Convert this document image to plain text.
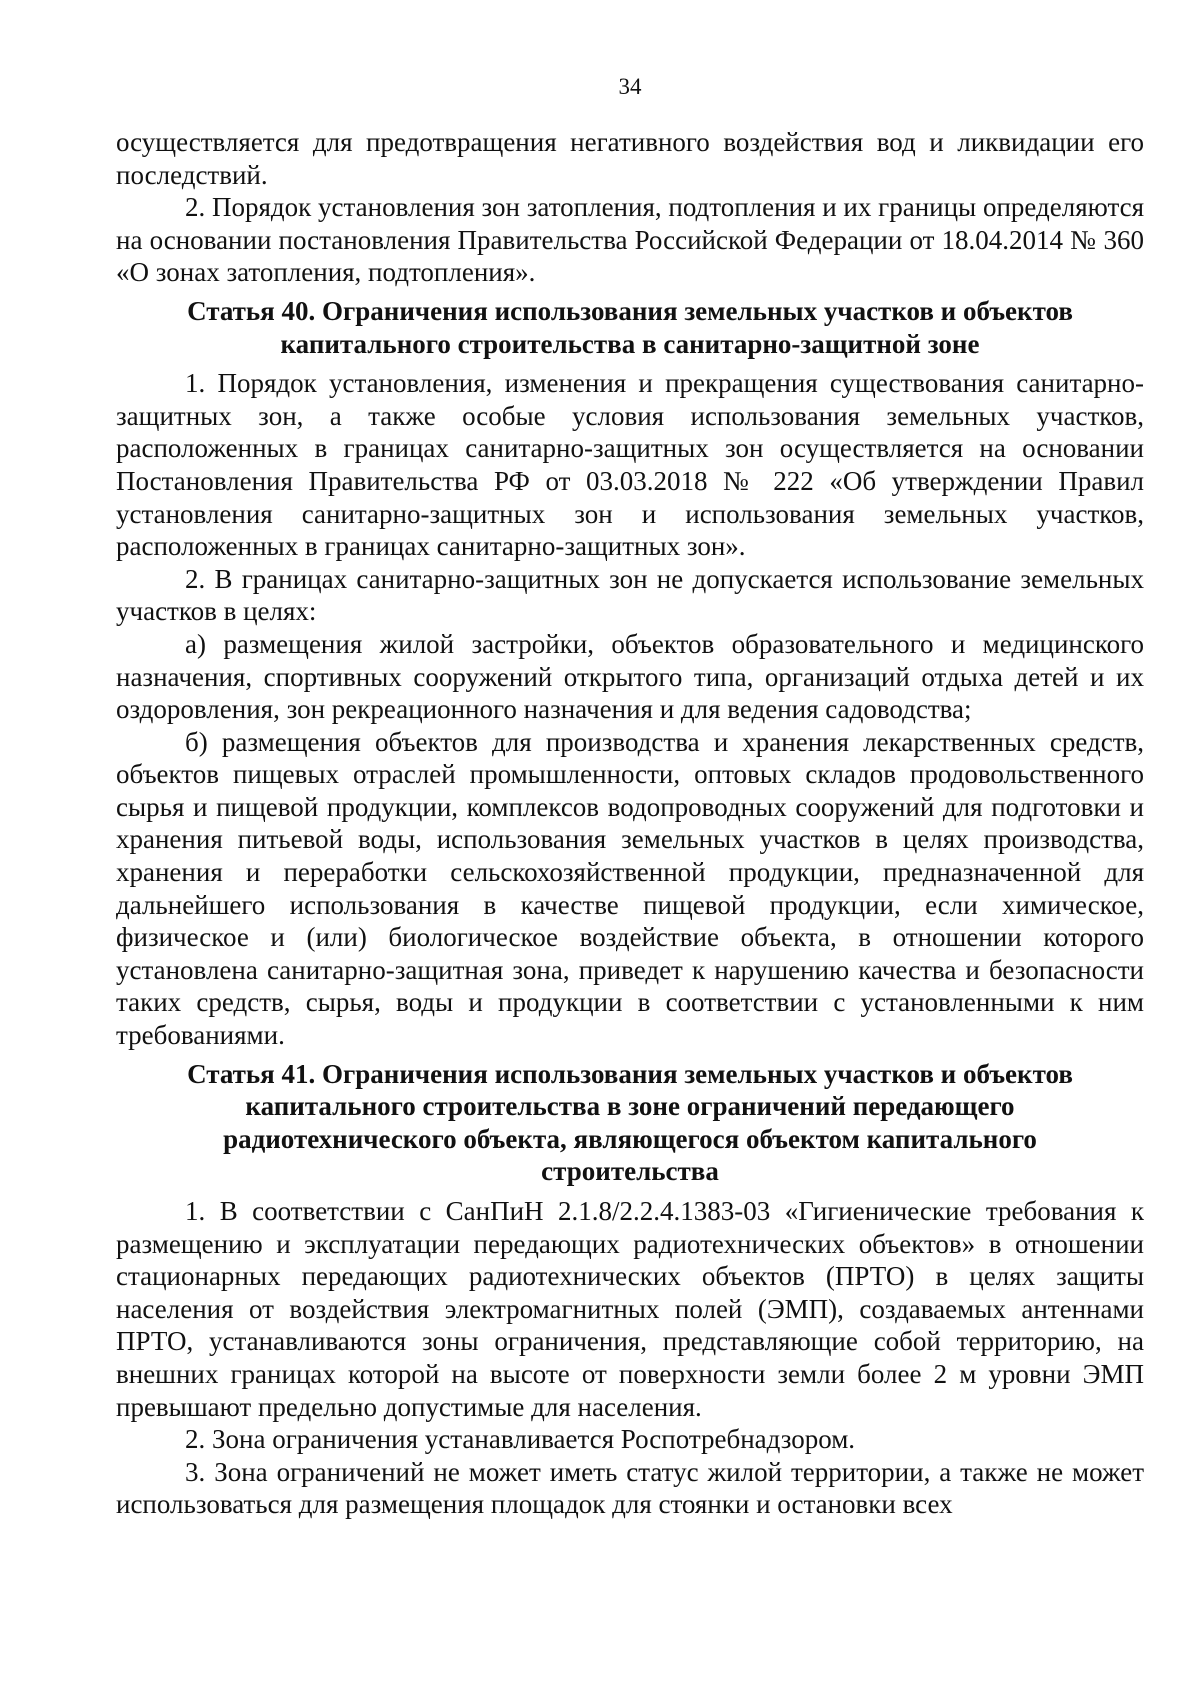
34

осуществляется для предотвращения негативного воздействия вод и ликвидации его последствий.

2. Порядок установления зон затопления, подтопления и их границы определяются на основании постановления Правительства Российской Федерации от 18.04.2014 № 360 «О зонах затопления, подтопления».

Статья 40. Ограничения использования земельных участков и объектов капитального строительства в санитарно-защитной зоне

1. Порядок установления, изменения и прекращения существования санитарно-защитных зон, а также особые условия использования земельных участков, расположенных в границах санитарно-защитных зон осуществляется на основании Постановления Правительства РФ от 03.03.2018 № 222 «Об утверждении Правил установления санитарно-защитных зон и использования земельных участков, расположенных в границах санитарно-защитных зон».

2. В границах санитарно-защитных зон не допускается использование земельных участков в целях:

а) размещения жилой застройки, объектов образовательного и медицинского назначения, спортивных сооружений открытого типа, организаций отдыха детей и их оздоровления, зон рекреационного назначения и для ведения садоводства;

б) размещения объектов для производства и хранения лекарственных средств, объектов пищевых отраслей промышленности, оптовых складов продовольственного сырья и пищевой продукции, комплексов водопроводных сооружений для подготовки и хранения питьевой воды, использования земельных участков в целях производства, хранения и переработки сельскохозяйственной продукции, предназначенной для дальнейшего использования в качестве пищевой продукции, если химическое, физическое и (или) биологическое воздействие объекта, в отношении которого установлена санитарно-защитная зона, приведет к нарушению качества и безопасности таких средств, сырья, воды и продукции в соответствии с установленными к ним требованиями.

Статья 41. Ограничения использования земельных участков и объектов капитального строительства в зоне ограничений передающего радиотехнического объекта, являющегося объектом капитального строительства

1. В соответствии с СанПиН 2.1.8/2.2.4.1383-03 «Гигиенические требования к размещению и эксплуатации передающих радиотехнических объектов» в отношении стационарных передающих радиотехнических объектов (ПРТО) в целях защиты населения от воздействия электромагнитных полей (ЭМП), создаваемых антеннами ПРТО, устанавливаются зоны ограничения, представляющие собой территорию, на внешних границах которой на высоте от поверхности земли более 2 м уровни ЭМП превышают предельно допустимые для населения.

2. Зона ограничения устанавливается Роспотребнадзором.

3. Зона ограничений не может иметь статус жилой территории, а также не может использоваться для размещения площадок для стоянки и остановки всех
